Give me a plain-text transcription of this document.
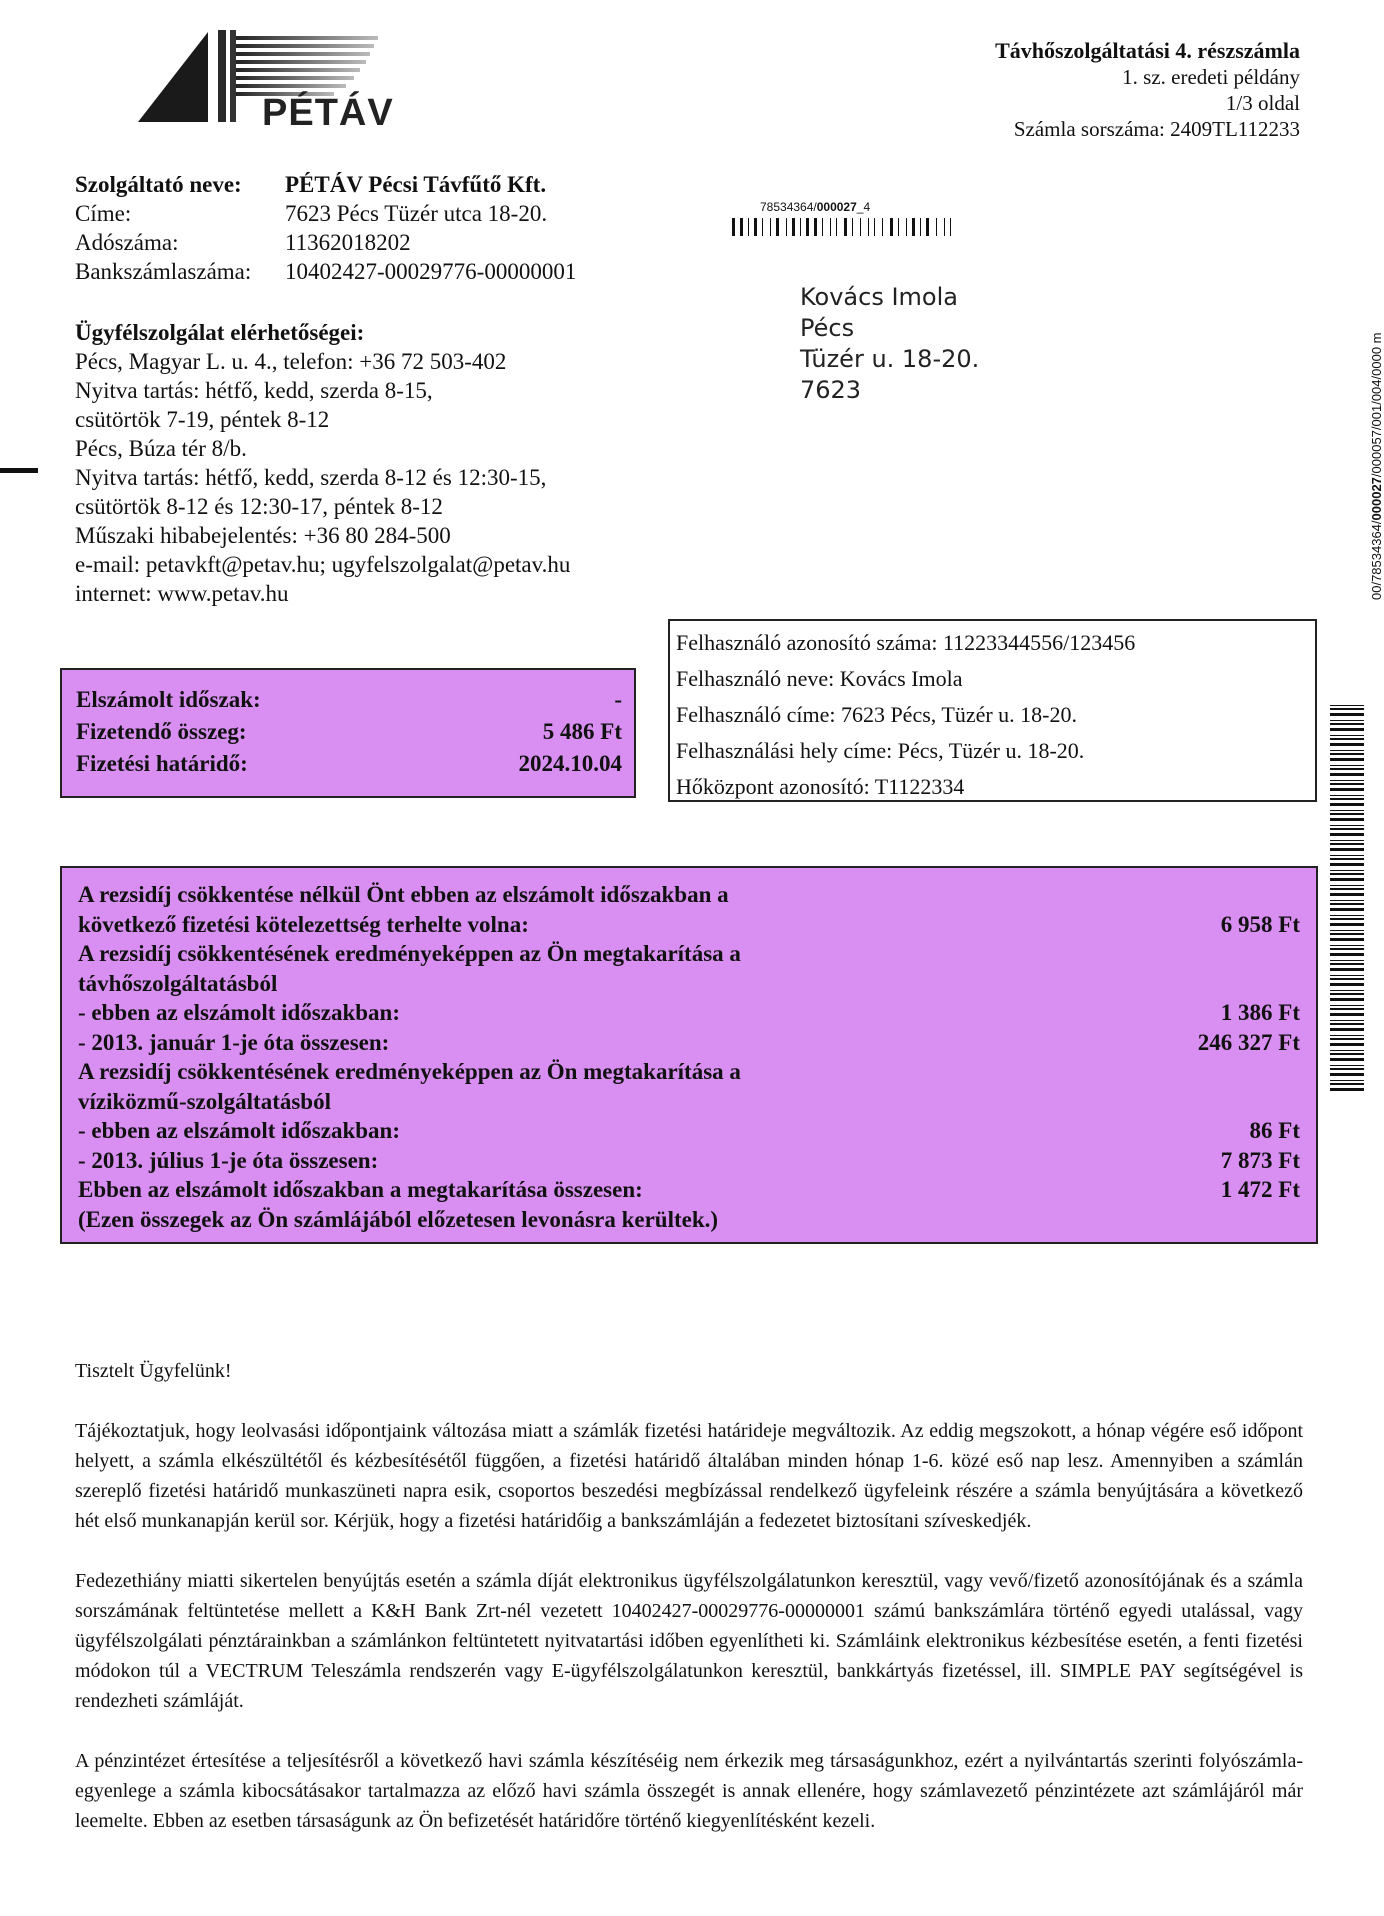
PÉTÁV
Távhőszolgáltatási 4. részszámla
1. sz. eredeti példány
1/3 oldal
Számla sorszáma: 2409TL112233
Szolgáltató neve:	PÉTÁV Pécsi Távfűtő Kft.
Címe:	7623 Pécs Tüzér utca 18-20.
Adószáma:	11362018202
Bankszámlaszáma:	10402427-00029776-00000001
Ügyfélszolgálat elérhetőségei:
Pécs, Magyar L. u. 4., telefon: +36 72 503-402
Nyitva tartás: hétfő, kedd, szerda 8-15,
csütörtök 7-19, péntek 8-12
Pécs, Búza tér 8/b.
Nyitva tartás: hétfő, kedd, szerda 8-12 és 12:30-15,
csütörtök 8-12 és 12:30-17, péntek 8-12
Műszaki hibabejelentés: +36 80 284-500
e-mail: petavkft@petav.hu; ugyfelszolgalat@petav.hu
internet: www.petav.hu
78534364/000027_4
Kovács Imola
Pécs
Tüzér u. 18-20.
7623
00/78534364/000027/000057/001/004/0000 m
Elszámolt időszak:	-
Fizetendő összeg:	5 486 Ft
Fizetési határidő:	2024.10.04
Felhasználó azonosító száma: 11223344556/123456
Felhasználó neve: Kovács Imola
Felhasználó címe: 7623 Pécs, Tüzér u. 18-20.
Felhasználási hely címe: Pécs, Tüzér u. 18-20.
Hőközpont azonosító: T1122334
A rezsidíj csökkentése nélkül Önt ebben az elszámolt időszakban a
következő fizetési kötelezettség terhelte volna:	6 958 Ft
A rezsidíj csökkentésének eredményeképpen az Ön megtakarítása a
távhőszolgáltatásból
- ebben az elszámolt időszakban:	1 386 Ft
- 2013. január 1-je óta összesen:	246 327 Ft
A rezsidíj csökkentésének eredményeképpen az Ön megtakarítása a
víziközmű-szolgáltatásból
- ebben az elszámolt időszakban:	86 Ft
- 2013. július 1-je óta összesen:	7 873 Ft
Ebben az elszámolt időszakban a megtakarítása összesen:	1 472 Ft
(Ezen összegek az Ön számlájából előzetesen levonásra kerültek.)

Tisztelt Ügyfelünk!

Tájékoztatjuk, hogy leolvasási időpontjaink változása miatt a számlák fizetési határideje megváltozik. Az eddig megszokott, a hónap végére eső időpont helyett, a számla elkészültétől és kézbesítésétől függően, a fizetési határidő általában minden hónap 1-6. közé eső nap lesz. Amennyiben a számlán szereplő fizetési határidő munkaszüneti napra esik, csoportos beszedési megbízással rendelkező ügyfeleink részére a számla benyújtására a következő hét első munkanapján kerül sor. Kérjük, hogy a fizetési határidőig a bankszámláján a fedezetet biztosítani szíveskedjék.

Fedezethiány miatti sikertelen benyújtás esetén a számla díját elektronikus ügyfélszolgálatunkon keresztül, vagy vevő/fizető azonosítójának és a számla sorszámának feltüntetése mellett a K&H Bank Zrt-nél vezetett 10402427-00029776-00000001 számú bankszámlára történő egyedi utalással, vagy ügyfélszolgálati pénztárainkban a számlánkon feltüntetett nyitvatartási időben egyenlítheti ki. Számláink elektronikus kézbesítése esetén, a fenti fizetési módokon túl a VECTRUM Teleszámla rendszerén vagy E-ügyfélszolgálatunkon keresztül, bankkártyás fizetéssel, ill. SIMPLE PAY segítségével is rendezheti számláját.

A pénzintézet értesítése a teljesítésről a következő havi számla készítéséig nem érkezik meg társaságunkhoz, ezért a nyilvántartás szerinti folyószámla-egyenlege a számla kibocsátásakor tartalmazza az előző havi számla összegét is annak ellenére, hogy számlavezető pénzintézete azt számlájáról már leemelte. Ebben az esetben társaságunk az Ön befizetését határidőre történő kiegyenlítésként kezeli.
